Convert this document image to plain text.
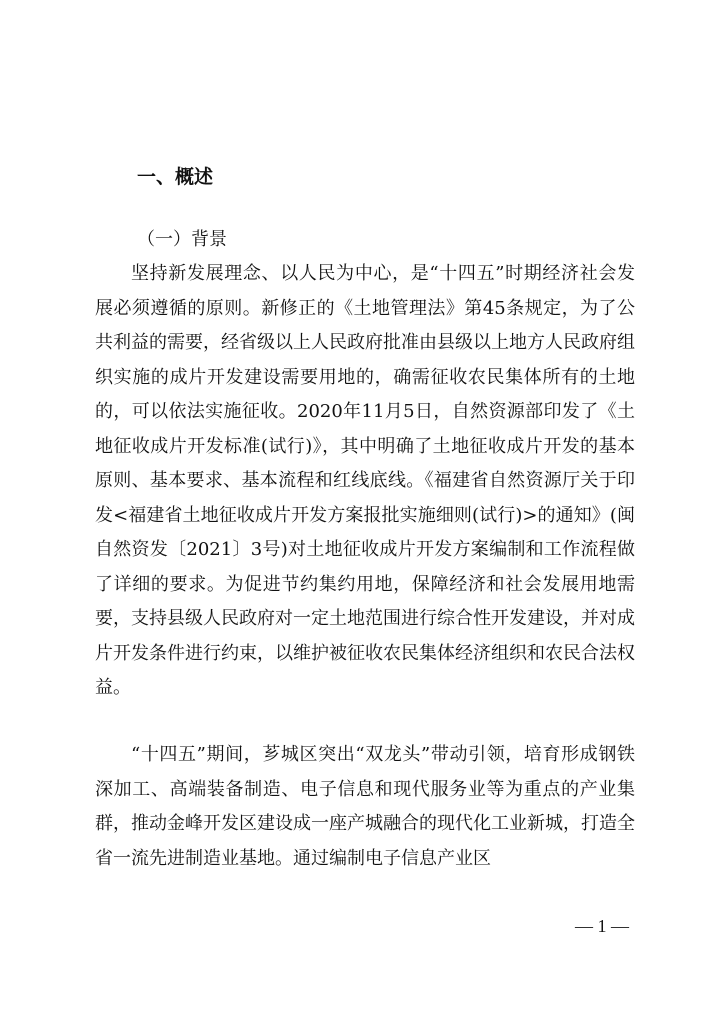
一、概述
（一）背景

坚持新发展理念、以人民为中心，是“十四五”时期经济社会发展必须遵循的原则。新修正的《土地管理法》第45条规定，为了公共利益的需要，经省级以上人民政府批准由县级以上地方人民政府组织实施的成片开发建设需要用地的，确需征收农民集体所有的土地的，可以依法实施征收。2020年11月5日，自然资源部印发了《土地征收成片开发标准(试行)》，其中明确了土地征收成片开发的基本原则、基本要求、基本流程和红线底线。《福建省自然资源厅关于印发<福建省土地征收成片开发方案报批实施细则(试行)>的通知》(闽自然资发〔2021〕3号)对土地征收成片开发方案编制和工作流程做了详细的要求。为促进节约集约用地，保障经济和社会发展用地需要，支持县级人民政府对一定土地范围进行综合性开发建设，并对成片开发条件进行约束，以维护被征收农民集体经济组织和农民合法权益。

“十四五”期间，芗城区突出“双龙头”带动引领，培育形成钢铁深加工、高端装备制造、电子信息和现代服务业等为重点的产业集群，推动金峰开发区建设成一座产城融合的现代化工业新城，打造全省一流先进制造业基地。通过编制电子信息产业区

— 1 —
